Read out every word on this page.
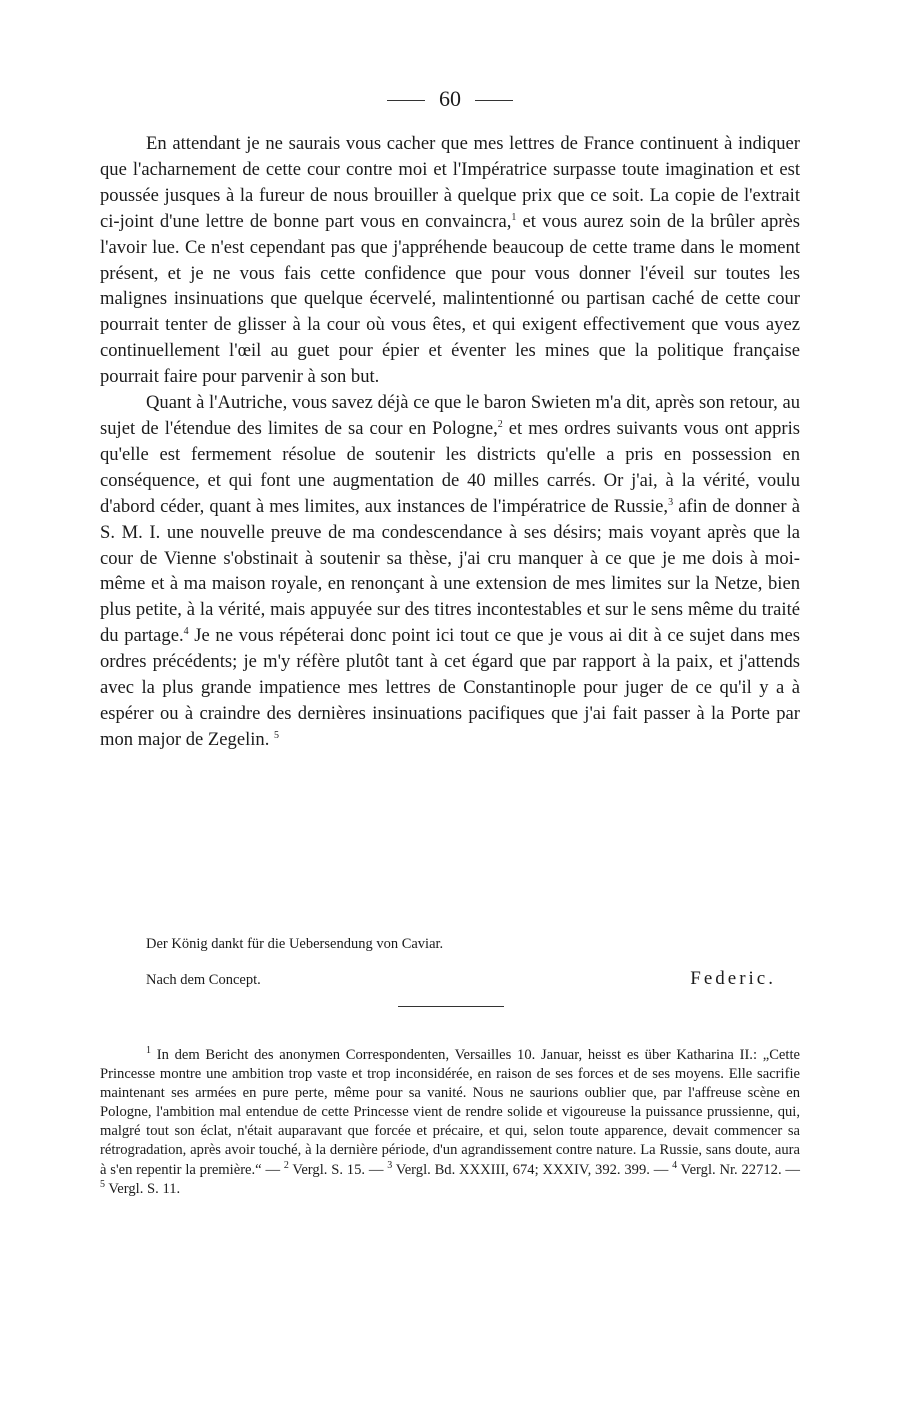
60

En attendant je ne saurais vous cacher que mes lettres de France continuent à indiquer que l'acharnement de cette cour contre moi et l'Impératrice surpasse toute imagination et est poussée jusques à la fureur de nous brouiller à quelque prix que ce soit. La copie de l'extrait ci-joint d'une lettre de bonne part vous en convaincra,$^1$ et vous aurez soin de la brûler après l'avoir lue. Ce n'est cependant pas que j'appréhende beaucoup de cette trame dans le moment présent, et je ne vous fais cette confidence que pour vous donner l'éveil sur toutes les malignes insinuations que quelque écervelé, malintentionné ou partisan caché de cette cour pourrait tenter de glisser à la cour où vous êtes, et qui exigent effectivement que vous ayez continuellement l'œil au guet pour épier et éventer les mines que la politique française pourrait faire pour parvenir à son but.

Quant à l'Autriche, vous savez déjà ce que le baron Swieten m'a dit, après son retour, au sujet de l'étendue des limites de sa cour en Pologne,$^2$ et mes ordres suivants vous ont appris qu'elle est fermement résolue de soutenir les districts qu'elle a pris en possession en conséquence, et qui font une augmentation de 40 milles carrés. Or j'ai, à la vérité, voulu d'abord céder, quant à mes limites, aux instances de l'impératrice de Russie,$^3$ afin de donner à S. M. I. une nouvelle preuve de ma condescendance à ses désirs; mais voyant après que la cour de Vienne s'obstinait à soutenir sa thèse, j'ai cru manquer à ce que je me dois à moi-même et à ma maison royale, en renonçant à une extension de mes limites sur la Netze, bien plus petite, à la vérité, mais appuyée sur des titres incontestables et sur le sens même du traité du partage.$^4$ Je ne vous répéterai donc point ici tout ce que je vous ai dit à ce sujet dans mes ordres précédents; je m'y réfère plutôt tant à cet égard que par rapport à la paix, et j'attends avec la plus grande impatience mes lettres de Constantinople pour juger de ce qu'il y a à espérer ou à craindre des dernières insinuations pacifiques que j'ai fait passer à la Porte par mon major de Zegelin. $^5$

Der König dankt für die Uebersendung von Caviar.
Nach dem Concept.	Federic.

$^1$ In dem Bericht des anonymen Correspondenten, Versailles 10. Januar, heisst es über Katharina II.: „Cette Princesse montre une ambition trop vaste et trop inconsidérée, en raison de ses forces et de ses moyens. Elle sacrifie maintenant ses armées en pure perte, même pour sa vanité. Nous ne saurions oublier que, par l'affreuse scène en Pologne, l'ambition mal entendue de cette Princesse vient de rendre solide et vigoureuse la puissance prussienne, qui, malgré tout son éclat, n'était auparavant que forcée et précaire, et qui, selon toute apparence, devait commencer sa rétrogradation, après avoir touché, à la dernière période, d'un agrandissement contre nature. La Russie, sans doute, aura à s'en repentir la première.“ — $^2$ Vergl. S. 15. — $^3$ Vergl. Bd. XXXIII, 674; XXXIV, 392. 399. — $^4$ Vergl. Nr. 22712. — $^5$ Vergl. S. 11.
